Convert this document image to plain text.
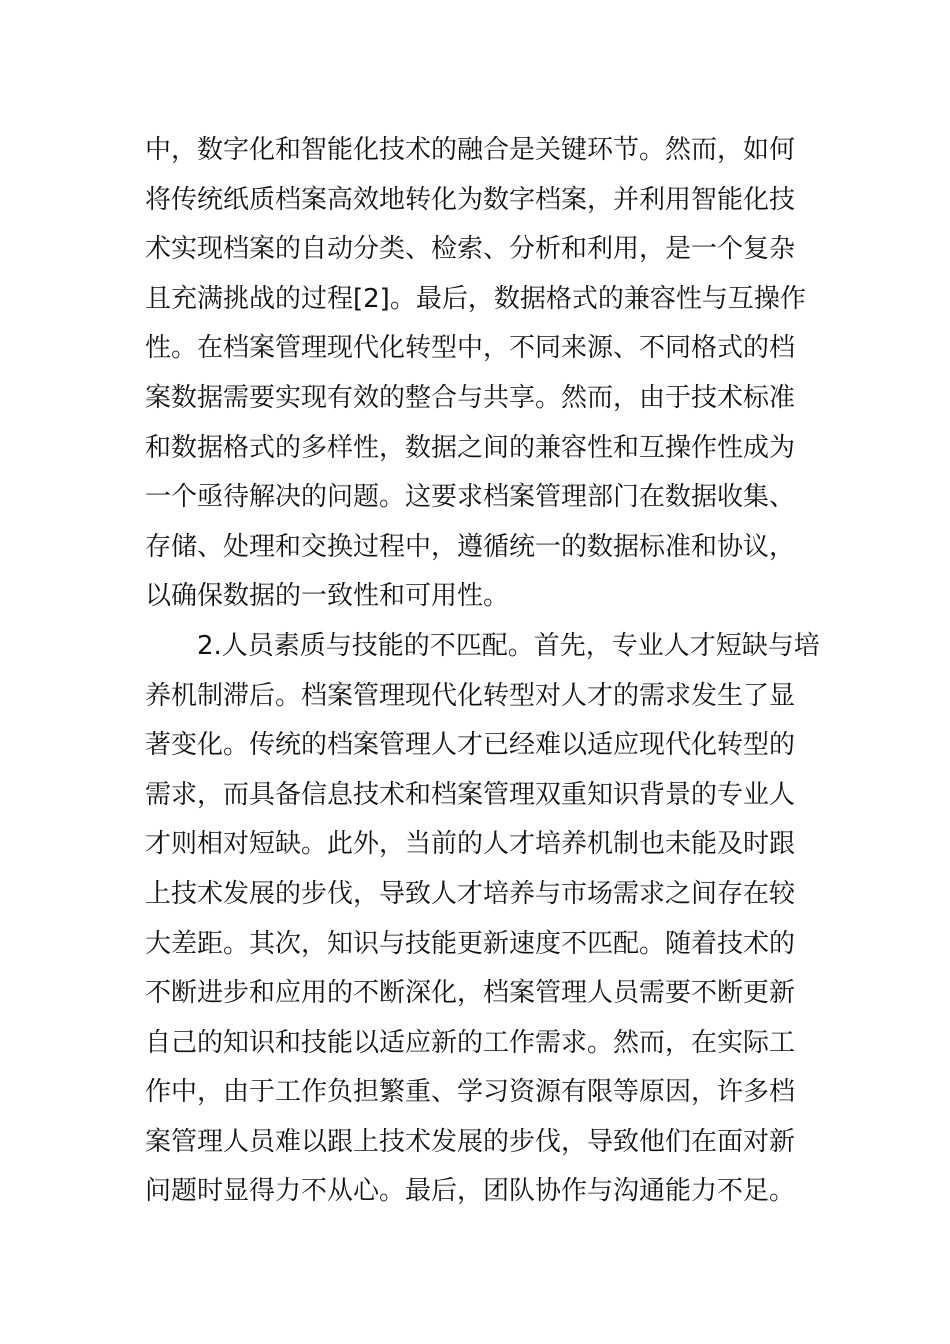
中，数字化和智能化技术的融合是关键环节。然而，如何
将传统纸质档案高效地转化为数字档案，并利用智能化技
术实现档案的自动分类、检索、分析和利用，是一个复杂
且充满挑战的过程[2]。最后，数据格式的兼容性与互操作
性。在档案管理现代化转型中，不同来源、不同格式的档
案数据需要实现有效的整合与共享。然而，由于技术标准
和数据格式的多样性，数据之间的兼容性和互操作性成为
一个亟待解决的问题。这要求档案管理部门在数据收集、
存储、处理和交换过程中，遵循统一的数据标准和协议，
以确保数据的一致性和可用性。
　　2.人员素质与技能的不匹配。首先，专业人才短缺与培
养机制滞后。档案管理现代化转型对人才的需求发生了显
著变化。传统的档案管理人才已经难以适应现代化转型的
需求，而具备信息技术和档案管理双重知识背景的专业人
才则相对短缺。此外，当前的人才培养机制也未能及时跟
上技术发展的步伐，导致人才培养与市场需求之间存在较
大差距。其次，知识与技能更新速度不匹配。随着技术的
不断进步和应用的不断深化，档案管理人员需要不断更新
自己的知识和技能以适应新的工作需求。然而，在实际工
作中，由于工作负担繁重、学习资源有限等原因，许多档
案管理人员难以跟上技术发展的步伐，导致他们在面对新
问题时显得力不从心。最后，团队协作与沟通能力不足。
